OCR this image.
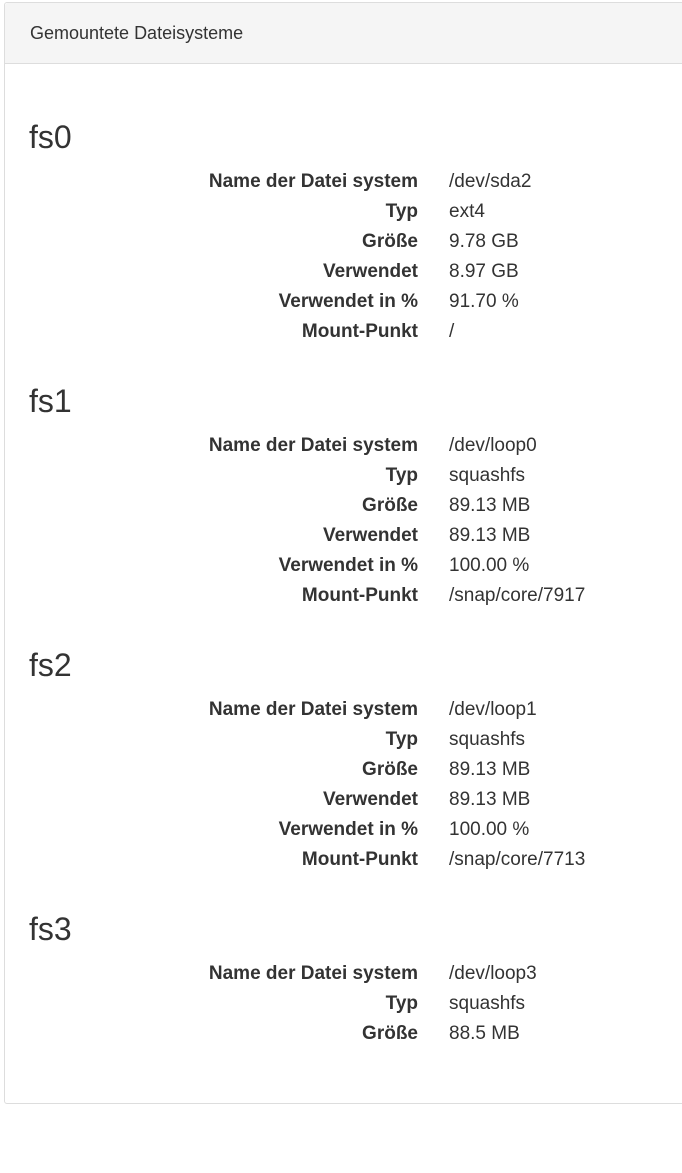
Gemountete Dateisysteme
fs0
Name der Datei system /dev/sda2
Typ ext4
Größe 9.78 GB
Verwendet 8.97 GB
Verwendet in % 91.70 %
Mount-Punkt /
fs1
Name der Datei system /dev/loop0
Typ squashfs
Größe 89.13 MB
Verwendet 89.13 MB
Verwendet in % 100.00 %
Mount-Punkt /snap/core/7917
fs2
Name der Datei system /dev/loop1
Typ squashfs
Größe 89.13 MB
Verwendet 89.13 MB
Verwendet in % 100.00 %
Mount-Punkt /snap/core/7713
fs3
Name der Datei system /dev/loop3
Typ squashfs
Größe 88.5 MB
